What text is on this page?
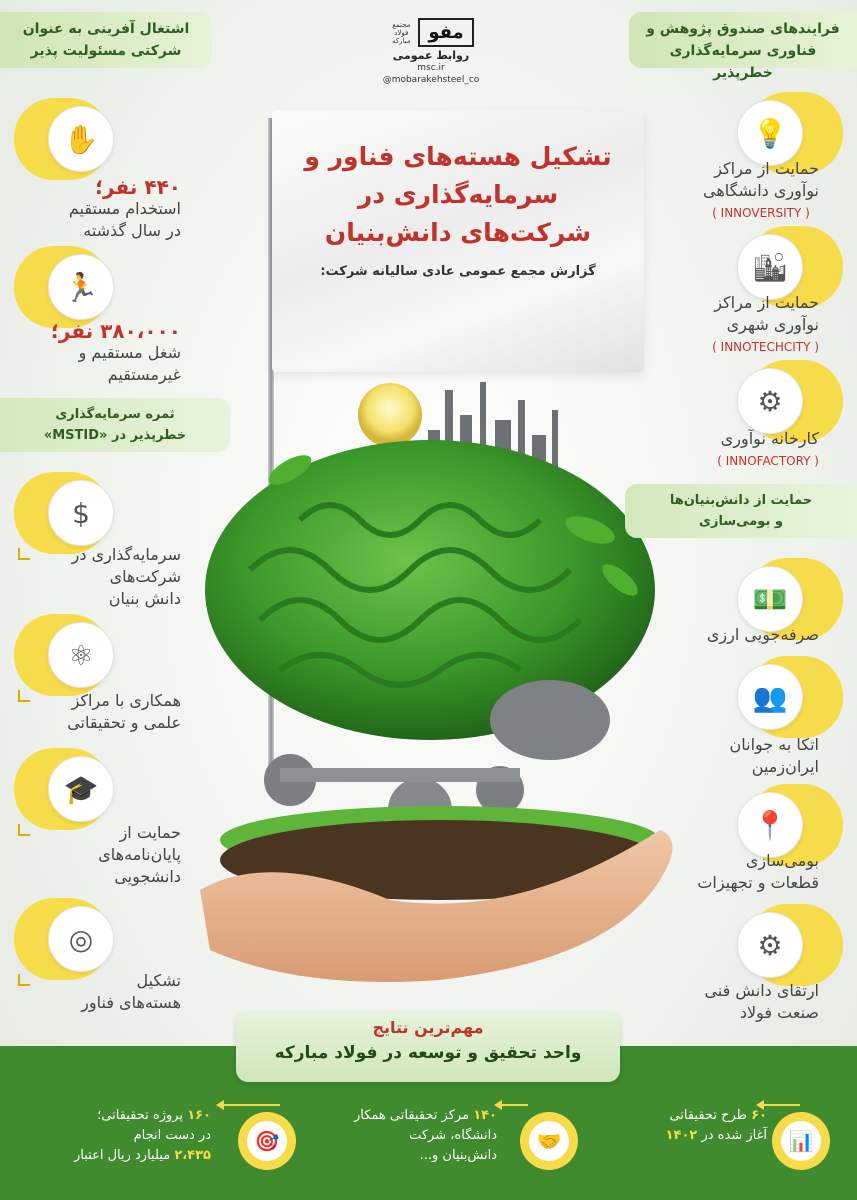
اشتغال آفرینی به عنوان شرکتی مسئولیت پذیر
فرایندهای صندوق پژوهش و فناوری سرمایه‌گذاری خطرپذیر
مفو
مجتمع فولاد مبارکه
روابط عمومی
msc.ir
@mobarakehsteel_co
تشکیل هسته‌های فناور و
سرمایه‌گذاری در
شرکت‌های دانش‌بنیان
گزارش مجمع عمومی عادی سالیانه شرکت:
✋
۴۴۰ نفر؛
استخدام مستقیم
در سال گذشته
🏃
۳۸۰،۰۰۰ نفر؛
شغل مستقیم و
غیرمستقیم
ثمره سرمایه‌گذاری
خطرپذیر در «MSTID»
$
سرمایه‌گذاری در
شرکت‌های
دانش بنیان
⚛
همکاری با مراکز
علمی و تحقیقاتی
🎓
حمایت از
پایان‌نامه‌های
دانشجویی
◎
تشکیل
هسته‌های فناور
💡
حمایت از مراکز
نوآوری دانشگاهی
( INNOVERSITY )
🏙
حمایت از مراکز
نوآوری شهری
( INNOTECHCITY )
⚙
کارخانه نوآوری
( INNOFACTORY )
حمایت از دانش‌بنیان‌ها
و بومی‌سازی
💵
صرفه‌جویی ارزی
👥
اتکا به جوانان
ایران‌زمین
📍
بومی‌سازی
قطعات و تجهیزات
⚙
ارتقای دانش فنی
صنعت فولاد
مهم‌ترین نتایج
واحد تحقیق و توسعه در فولاد مبارکه
۶۰ طرح تحقیقاتی
آغاز شده در ۱۴۰۲	📊
۱۴۰ مرکز تحقیقاتی همکار
دانشگاه، شرکت
دانش‌بنیان و...
🤝
۱۶۰ پروژه تحقیقاتی؛
در دست انجام
۲،۴۳۵ میلیارد ریال اعتبار
🎯
